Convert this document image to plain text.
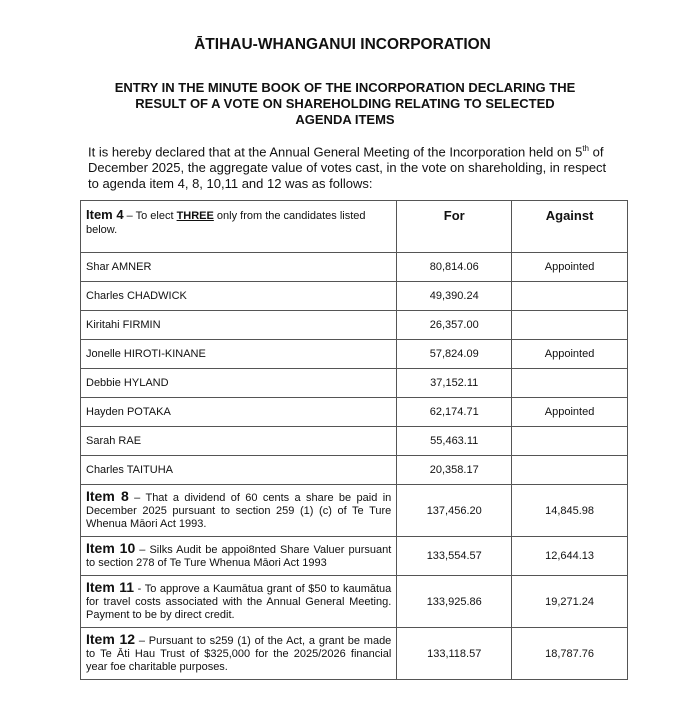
ĀTIHAU-WHANGANUI INCORPORATION
ENTRY IN THE MINUTE BOOK OF THE INCORPORATION DECLARING THE RESULT OF A VOTE ON SHAREHOLDING RELATING TO SELECTED AGENDA ITEMS

It is hereby declared that at the Annual General Meeting of the Incorporation held on 5th of December 2025, the aggregate value of votes cast, in the vote on shareholding, in respect to agenda item 4, 8, 10,11 and 12 was as follows:

Item 4 – To elect THREE only from the candidates listed below.	For	Against
Shar AMNER	80,814.06	Appointed
Charles CHADWICK	49,390.24	
Kiritahi FIRMIN	26,357.00	
Jonelle HIROTI-KINANE	57,824.09	Appointed
Debbie HYLAND	37,152.11	
Hayden POTAKA	62,174.71	Appointed
Sarah RAE	55,463.11	
Charles TAITUHA	20,358.17	
Item 8 – That a dividend of 60 cents a share be paid in December 2025 pursuant to section 259 (1) (c) of Te Ture Whenua Māori Act 1993.	137,456.20	14,845.98
Item 10 – Silks Audit be appoi8nted Share Valuer pursuant to section 278 of Te Ture Whenua Māori Act 1993	133,554.57	12,644.13
Item 11 - To approve a Kaumātua grant of $50 to kaumātua for travel costs associated with the Annual General Meeting. Payment to be by direct credit.	133,925.86	19,271.24
Item 12 – Pursuant to s259 (1) of the Act, a grant be made to Te Āti Hau Trust of $325,000 for the 2025/2026 financial year foe charitable purposes.	133,118.57	18,787.76
